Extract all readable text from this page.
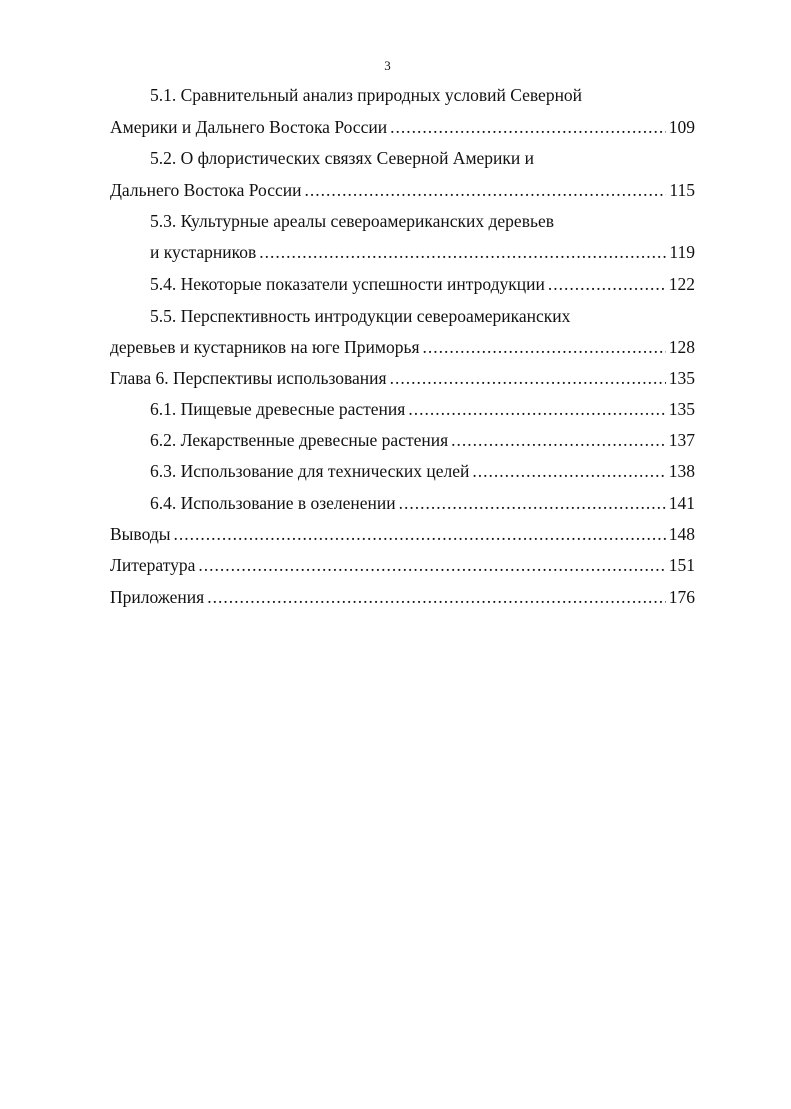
3
5.1. Сравнительный анализ природных условий Северной
Америки и Дальнего Востока России .....	109
5.2. О флористических связях Северной Америки и
Дальнего Востока России .....	115
5.3. Культурные ареалы североамериканских деревьев
и кустарников .....	119
5.4. Некоторые показатели успешности интродукции .....	122
5.5. Перспективность интродукции североамериканских
деревьев и кустарников на юге Приморья .....	128
Глава 6. Перспективы использования .....	135
6.1. Пищевые древесные растения .....	135
6.2. Лекарственные древесные растения .....	137
6.3. Использование для технических целей .....	138
6.4. Использование в озеленении .....	141
Выводы .....	148
Литература .....	151
Приложения .....	176
